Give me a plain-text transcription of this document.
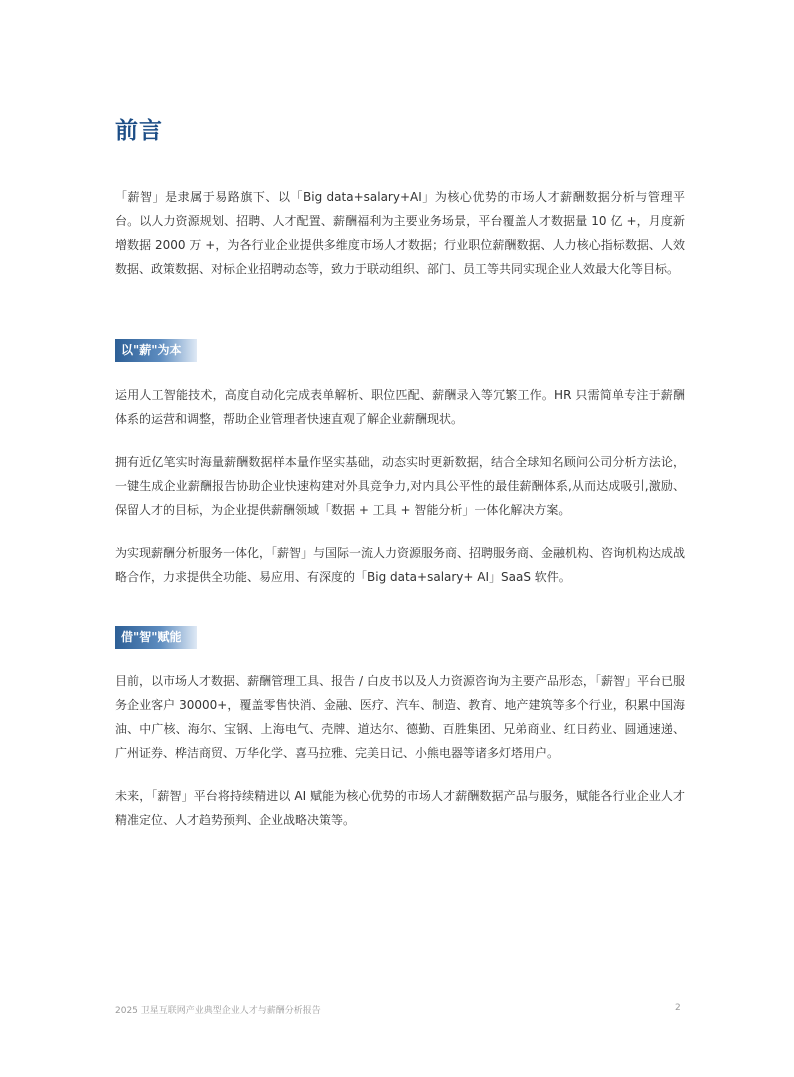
前言

「薪智」是隶属于易路旗下、以「Big data+salary+AI」为核心优势的市场人才薪酬数据分析与管理平台。以人力资源规划、招聘、人才配置、薪酬福利为主要业务场景，平台覆盖人才数据量 10 亿 +，月度新增数据 2000 万 +，为各行业企业提供多维度市场人才数据；行业职位薪酬数据、人力核心指标数据、人效数据、政策数据、对标企业招聘动态等，致力于联动组织、部门、员工等共同实现企业人效最大化等目标。

以"薪"为本

运用人工智能技术，高度自动化完成表单解析、职位匹配、薪酬录入等冗繁工作。HR 只需简单专注于薪酬体系的运营和调整，帮助企业管理者快速直观了解企业薪酬现状。

拥有近亿笔实时海量薪酬数据样本量作坚实基础，动态实时更新数据，结合全球知名顾问公司分析方法论，一键生成企业薪酬报告协助企业快速构建对外具竞争力,对内具公平性的最佳薪酬体系,从而达成吸引,激励、保留人才的目标，为企业提供薪酬领域「数据 + 工具 + 智能分析」一体化解决方案。

为实现薪酬分析服务一体化，「薪智」与国际一流人力资源服务商、招聘服务商、金融机构、咨询机构达成战略合作，力求提供全功能、易应用、有深度的「Big data+salary+ AI」SaaS 软件。

借"智"赋能

目前，以市场人才数据、薪酬管理工具、报告 / 白皮书以及人力资源咨询为主要产品形态，「薪智」平台已服务企业客户 30000+，覆盖零售快消、金融、医疗、汽车、制造、教育、地产建筑等多个行业，积累中国海油、中广核、海尔、宝钢、上海电气、壳牌、道达尔、德勤、百胜集团、兄弟商业、红日药业、圆通速递、广州证券、桦洁商贸、万华化学、喜马拉雅、完美日记、小熊电器等诸多灯塔用户。

未来，「薪智」平台将持续精进以 AI 赋能为核心优势的市场人才薪酬数据产品与服务，赋能各行业企业人才精准定位、人才趋势预判、企业战略决策等。

2025 卫星互联网产业典型企业人才与薪酬分析报告	2
